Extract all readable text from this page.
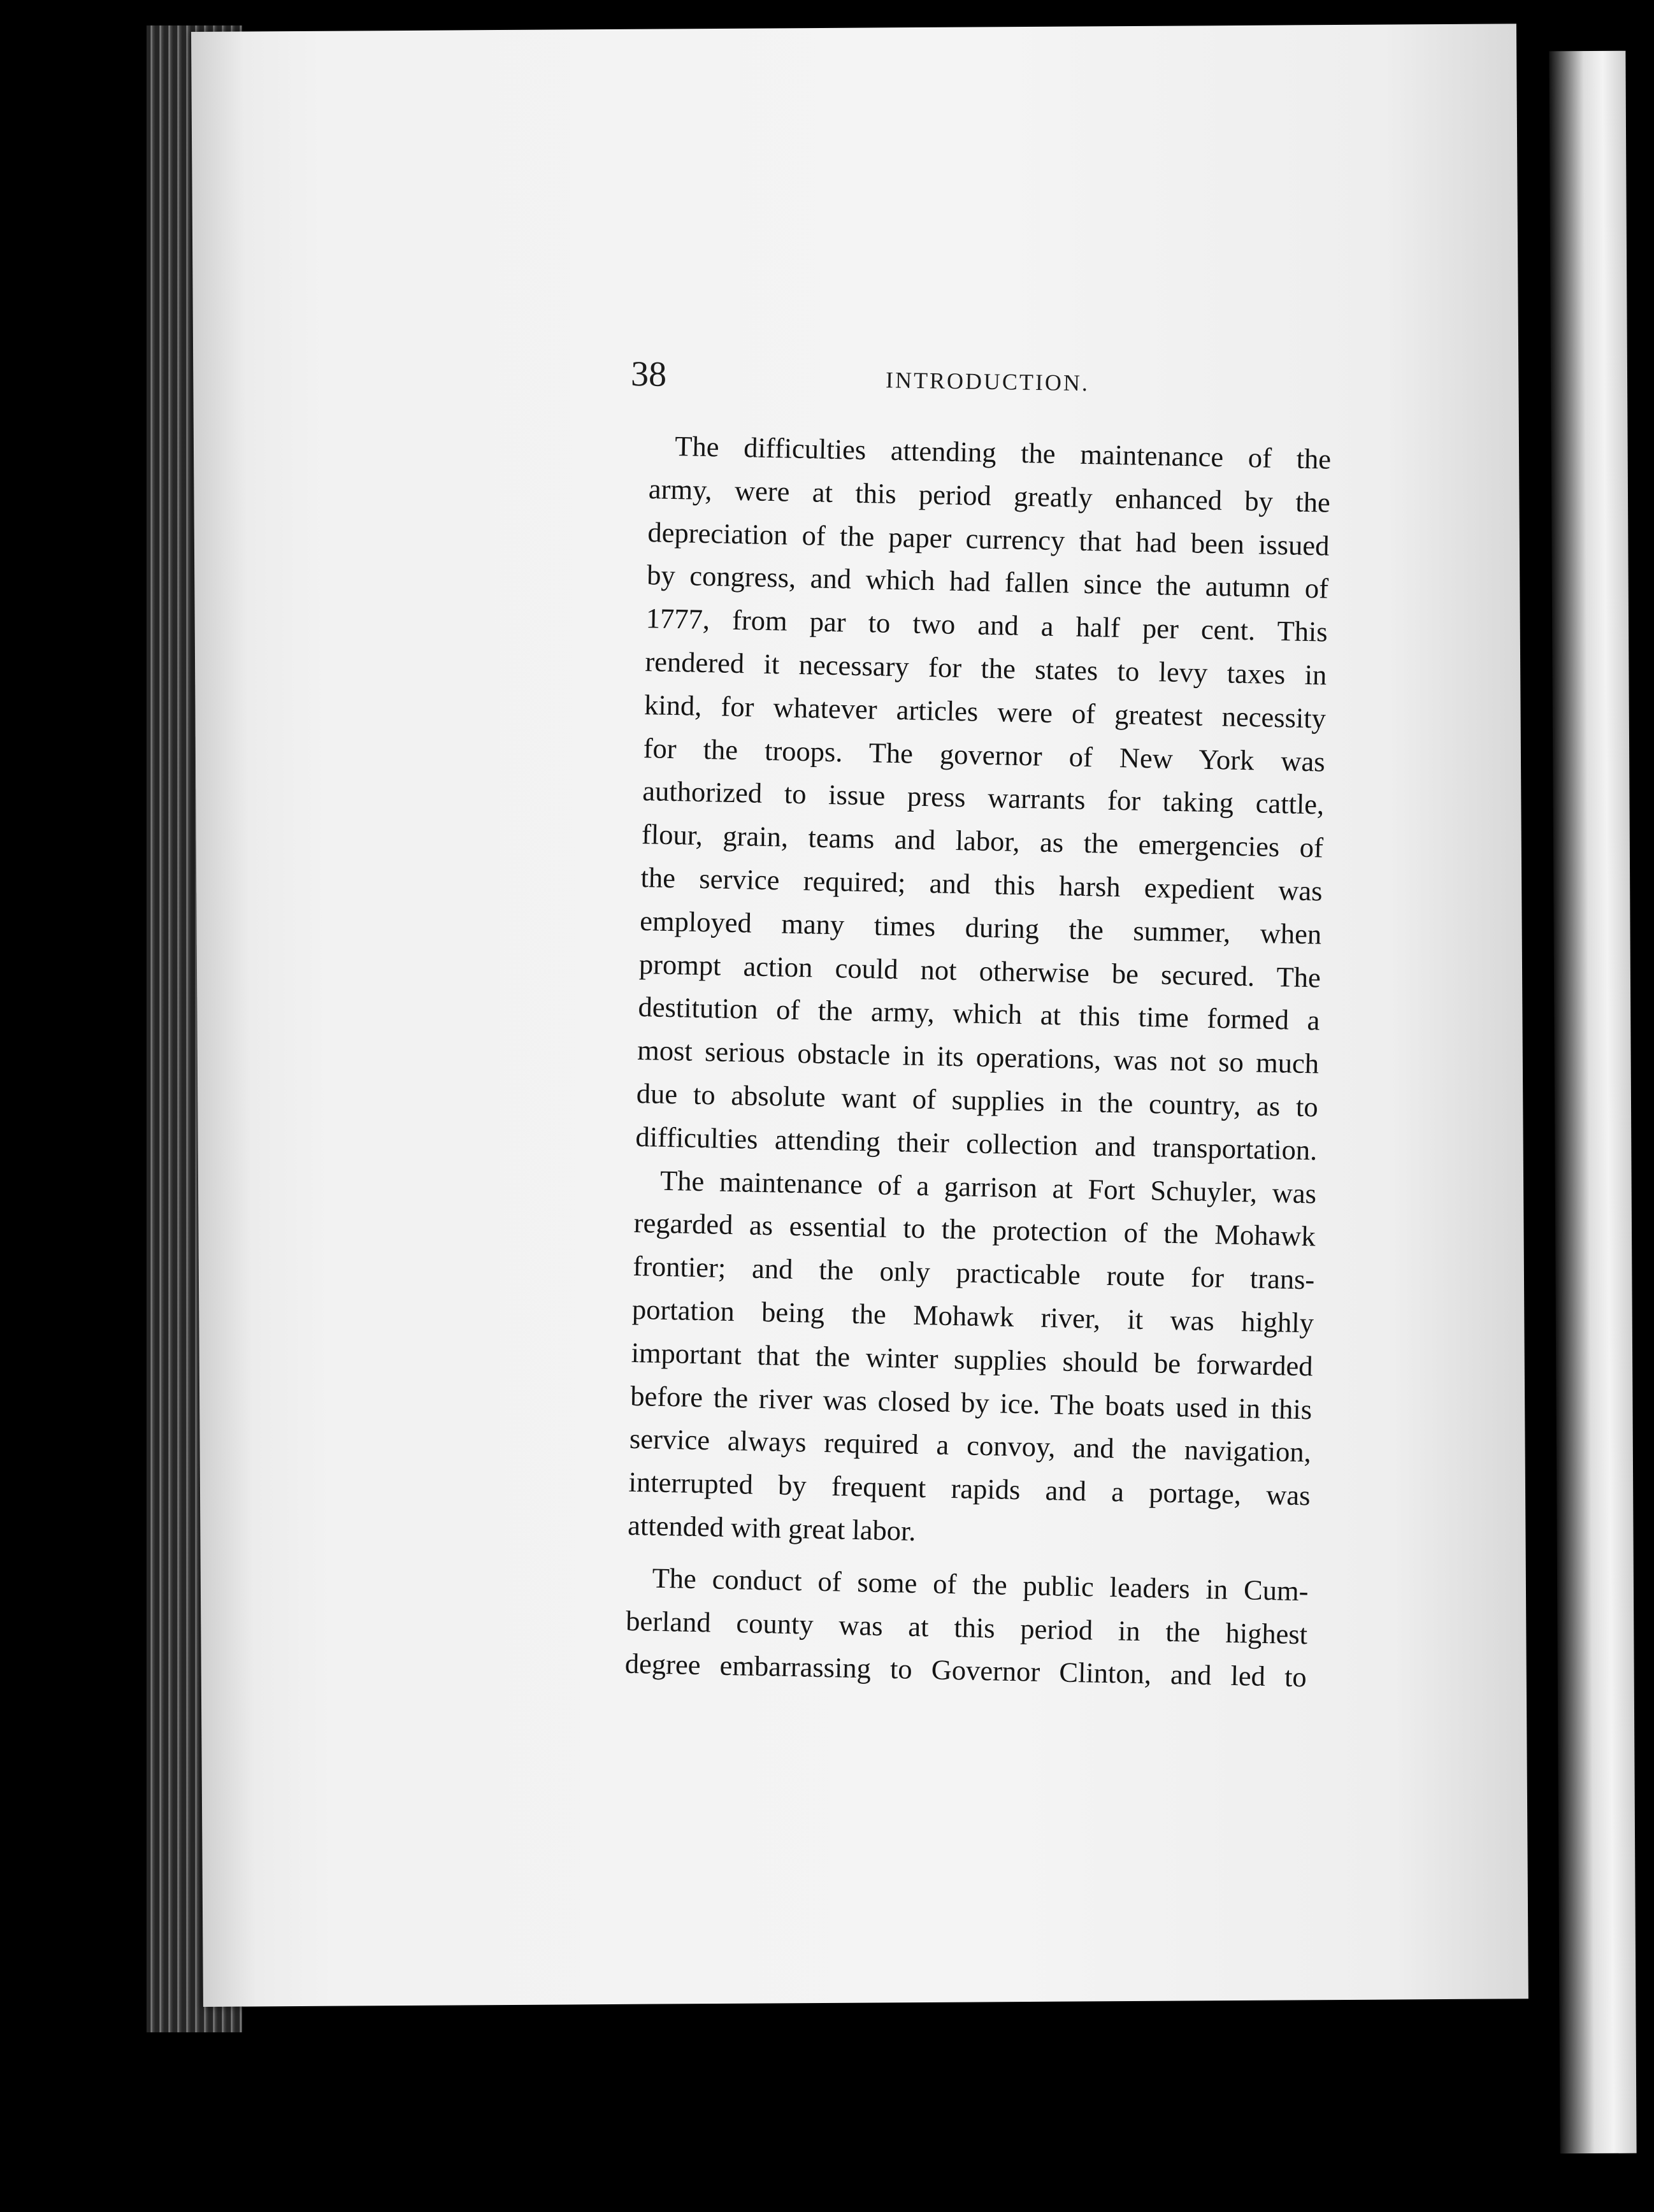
38	INTRODUCTION.
The difficulties attending the maintenance of the
army, were at this period greatly enhanced by the
depreciation of the paper currency that had been issued
by congress, and which had fallen since the autumn of
1777, from par to two and a half per cent. This
rendered it necessary for the states to levy taxes in
kind, for whatever articles were of greatest necessity
for the troops. The governor of New York was
authorized to issue press warrants for taking cattle,
flour, grain, teams and labor, as the emergencies of
the service required; and this harsh expedient was
employed many times during the summer, when
prompt action could not otherwise be secured. The
destitution of the army, which at this time formed a
most serious obstacle in its operations, was not so much
due to absolute want of supplies in the country, as to
difficulties attending their collection and transportation.
The maintenance of a garrison at Fort Schuyler, was
regarded as essential to the protection of the Mohawk
frontier; and the only practicable route for trans-
portation being the Mohawk river, it was highly
important that the winter supplies should be forwarded
before the river was closed by ice. The boats used in this
service always required a convoy, and the navigation,
interrupted by frequent rapids and a portage, was
attended with great labor.
The conduct of some of the public leaders in Cum-
berland county was at this period in the highest
degree embarrassing to Governor Clinton, and led to
